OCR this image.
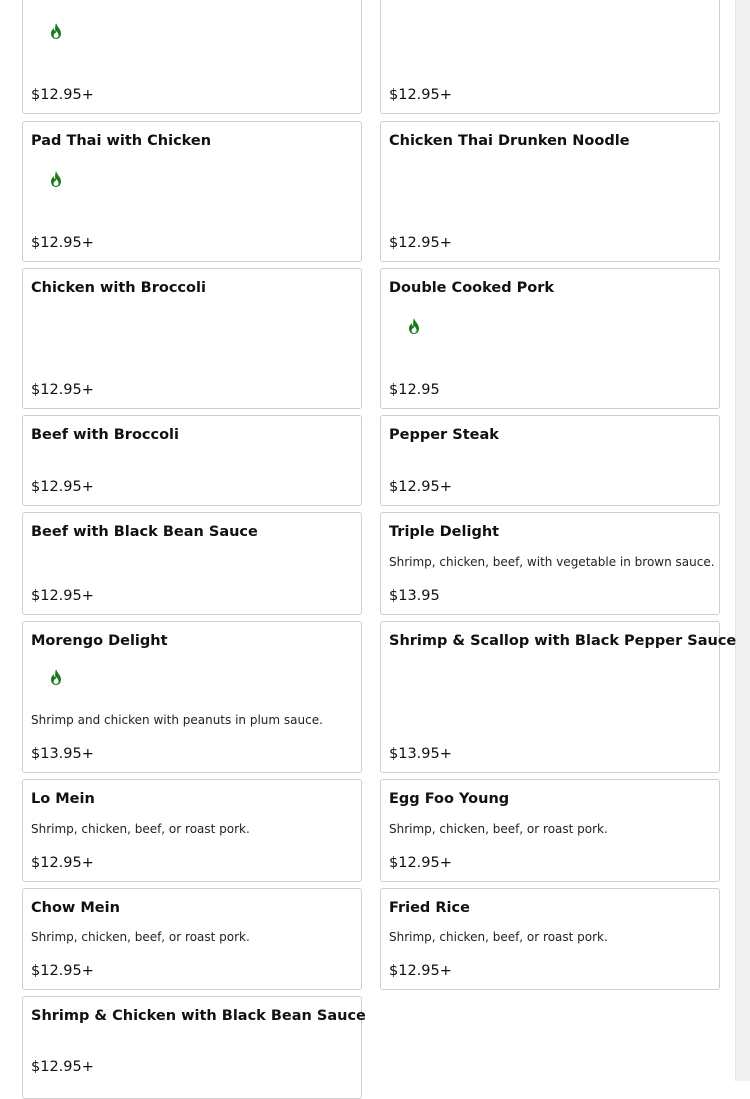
$12.95+	$12.95+
Pad Thai with Chicken
$12.95+
Chicken Thai Drunken Noodle
$12.95+
Chicken with Broccoli
$12.95+
Double Cooked Pork
$12.95
Beef with Broccoli
$12.95+
Pepper Steak
$12.95+
Beef with Black Bean Sauce
$12.95+
Triple Delight
Shrimp, chicken, beef, with vegetable in brown sauce.
$13.95
Morengo Delight
Shrimp and chicken with peanuts in plum sauce.
$13.95+
Shrimp & Scallop with Black Pepper Sauce
$13.95+
Lo Mein
Shrimp, chicken, beef, or roast pork.
$12.95+
Egg Foo Young
Shrimp, chicken, beef, or roast pork.
$12.95+
Chow Mein
Shrimp, chicken, beef, or roast pork.
$12.95+
Fried Rice
Shrimp, chicken, beef, or roast pork.
$12.95+
Shrimp & Chicken with Black Bean Sauce
$12.95+
